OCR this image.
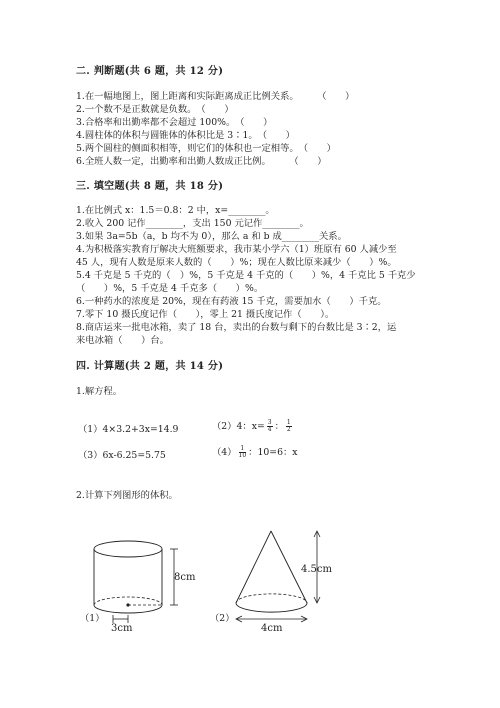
二. 判断题(共 6 题，共 12 分)
1.在一幅地图上，图上距离和实际距离成正比例关系。　　　（　　）
2.一个数不是正数就是负数。　（　　）
3.合格率和出勤率都不会超过 100%。　（　　）
4.圆柱体的体积与圆锥体的体积比是 3∶1。　（　　）
5.两个圆柱的侧面积相等，则它们的体积也一定相等。　（　　）
6.全班人数一定，出勤率和出勤人数成正比例。　　　（　　）
三. 填空题(共 8 题，共 18 分)
1.在比例式 x：1.5＝0.8：2 中，x=________。
2.收入 200 记作________，支出 150 元记作________。
3.如果 3a=5b（a，b 均不为 0），那么 a 和 b 成________关系。
4.为积极落实教育厅解决大班额要求，我市某小学六（1）班原有 60 人减少至
45 人，现有人数是原来人数的（　　）%；现在人数比原来减少（　　）%。
5.4 千克是 5 千克的（　）%，5 千克是 4 千克的（　　）%，4 千克比 5 千克少
（　　）%，5 千克是 4 千克多（　　）%。
6.一种药水的浓度是 20%，现在有药液 15 千克，需要加水（　　）千克。
7.零下 10 摄氏度记作（　　），零上 21 摄氏度记作（　　）。
8.商店运来一批电冰箱，卖了 18 台，卖出的台数与剩下的台数比是 3∶2，运
来电冰箱（　　）台。
四. 计算题(共 2 题，共 14 分)
1.解方程。
（1）4×3.2+3x=14.9	（2）4：$x= \frac{3}{4}$ ： $\frac{1}{2}$
（3）6x-6.25=5.75	$(4) \frac{1}{10}$ ：10=6：x
2.计算下列图形的体积。
8cm
3cm
（1）
4.5cm
4cm
（2）
